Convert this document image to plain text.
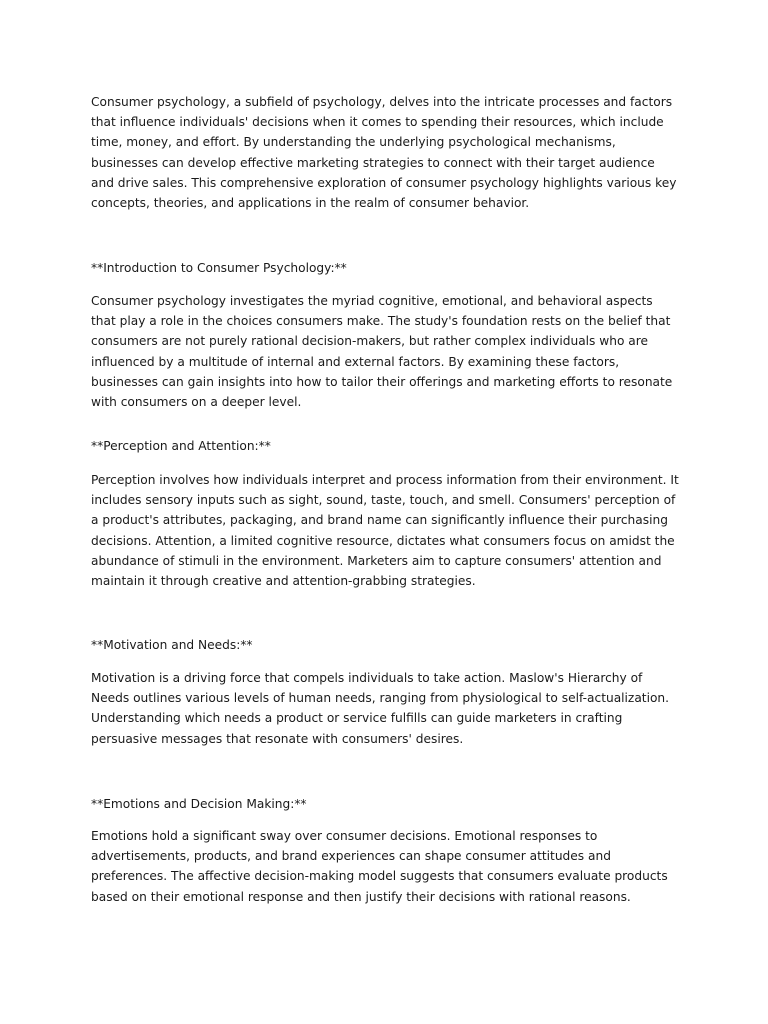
Consumer psychology, a subfield of psychology, delves into the intricate processes and factors that influence individuals' decisions when it comes to spending their resources, which include time, money, and effort. By understanding the underlying psychological mechanisms, businesses can develop effective marketing strategies to connect with their target audience and drive sales. This comprehensive exploration of consumer psychology highlights various key concepts, theories, and applications in the realm of consumer behavior.

**Introduction to Consumer Psychology:**

Consumer psychology investigates the myriad cognitive, emotional, and behavioral aspects that play a role in the choices consumers make. The study's foundation rests on the belief that consumers are not purely rational decision-makers, but rather complex individuals who are influenced by a multitude of internal and external factors. By examining these factors, businesses can gain insights into how to tailor their offerings and marketing efforts to resonate with consumers on a deeper level.

**Perception and Attention:**

Perception involves how individuals interpret and process information from their environment. It includes sensory inputs such as sight, sound, taste, touch, and smell. Consumers' perception of a product's attributes, packaging, and brand name can significantly influence their purchasing decisions. Attention, a limited cognitive resource, dictates what consumers focus on amidst the abundance of stimuli in the environment. Marketers aim to capture consumers' attention and maintain it through creative and attention-grabbing strategies.

**Motivation and Needs:**

Motivation is a driving force that compels individuals to take action. Maslow's Hierarchy of Needs outlines various levels of human needs, ranging from physiological to self-actualization. Understanding which needs a product or service fulfills can guide marketers in crafting persuasive messages that resonate with consumers' desires.

**Emotions and Decision Making:**

Emotions hold a significant sway over consumer decisions. Emotional responses to advertisements, products, and brand experiences can shape consumer attitudes and preferences. The affective decision-making model suggests that consumers evaluate products based on their emotional response and then justify their decisions with rational reasons.
